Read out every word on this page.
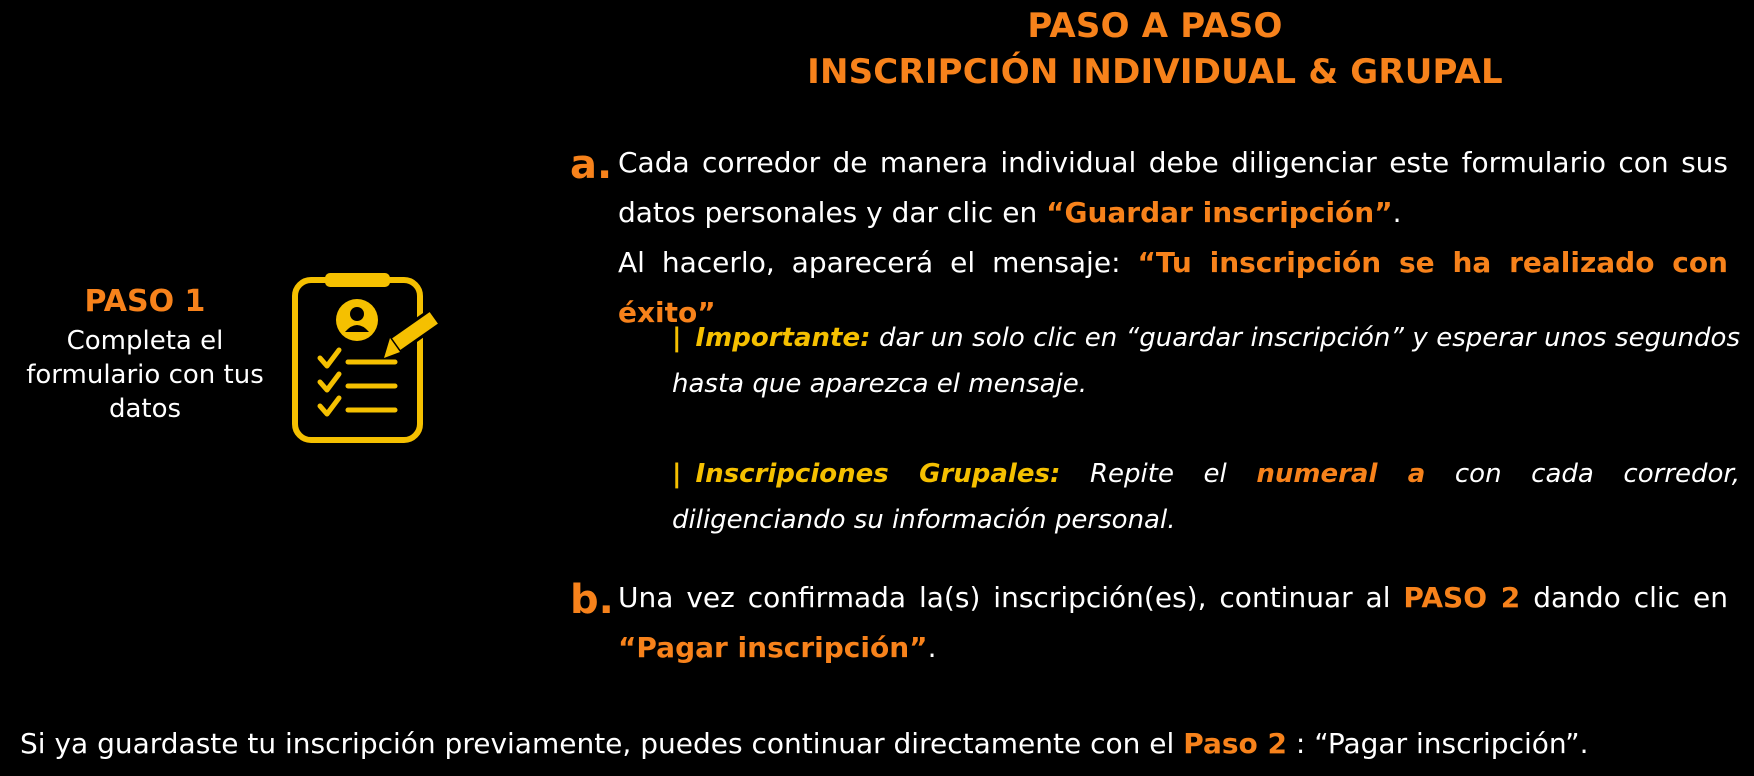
PASO A PASO
INSCRIPCIÓN INDIVIDUAL & GRUPAL
PASO 1
Completa el
formulario con tus
datos
a. Cada corredor de manera individual debe diligenciar este formulario con sus datos personales y dar clic en “Guardar inscripción”.
Al hacerlo, aparecerá el mensaje: “Tu inscripción se ha realizado con éxito”
| Importante: dar un solo clic en “guardar inscripción” y esperar unos segundos hasta que aparezca el mensaje.
| Inscripciones Grupales: Repite el numeral a con cada corredor, diligenciando su información personal.
b. Una vez confirmada la(s) inscripción(es), continuar al PASO 2 dando clic en “Pagar inscripción”.
Si ya guardaste tu inscripción previamente, puedes continuar directamente con el Paso 2 : “Pagar inscripción”.
